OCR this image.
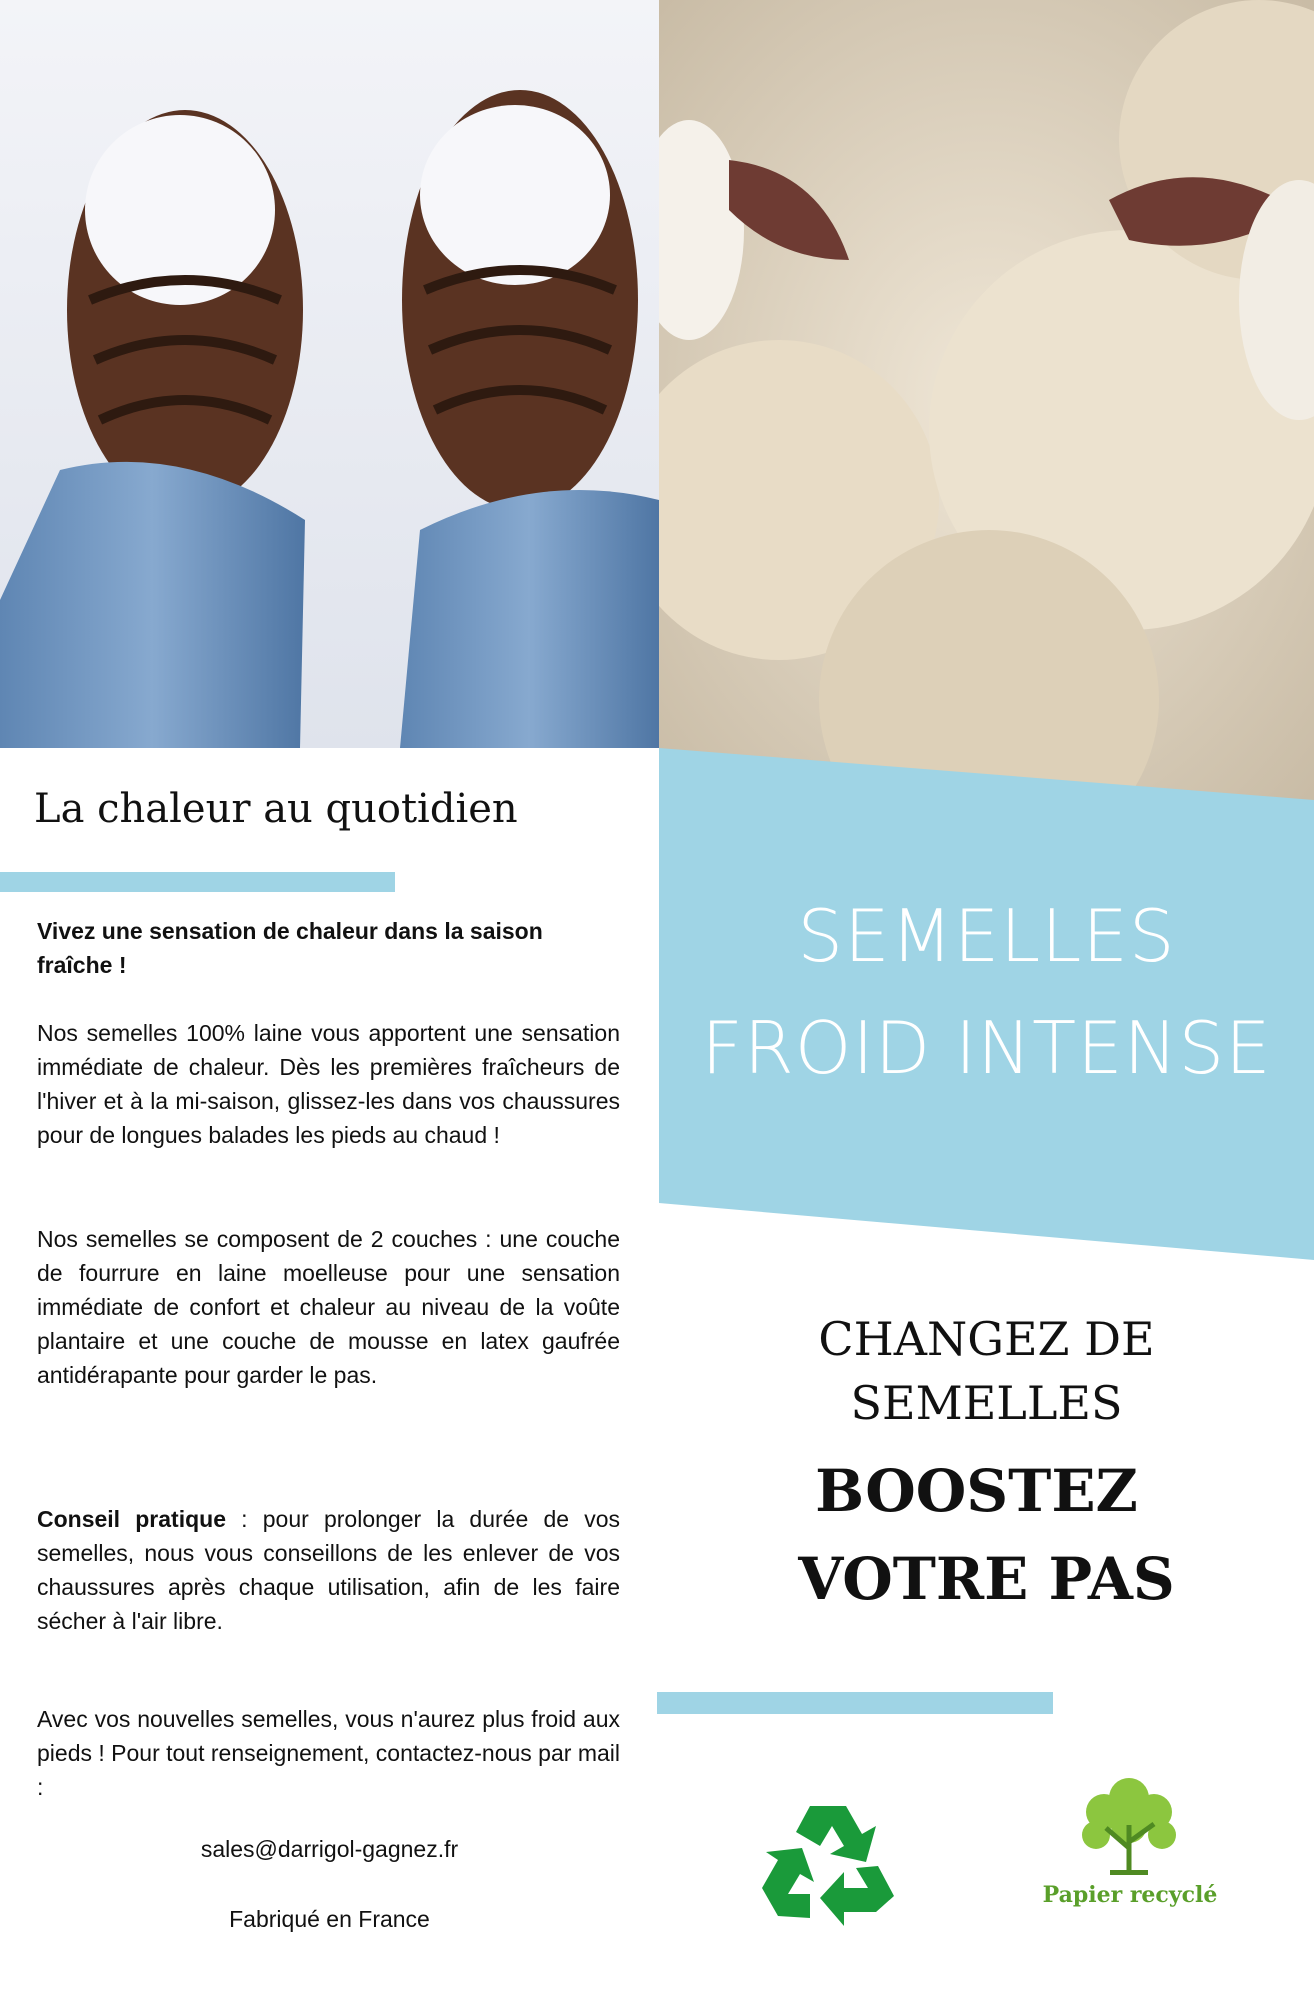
SEMELLES
FROID INTENSE
La chaleur au quotidien
Vivez une sensation de chaleur dans la saison fraîche !
Nos semelles 100% laine vous apportent une sensation immédiate de chaleur. Dès les premières fraîcheurs de l'hiver et à la mi-saison, glissez-les dans vos chaussures pour de longues balades les pieds au chaud !
Nos semelles se composent de 2 couches : une couche de fourrure en laine moelleuse pour une sensation immédiate de confort et chaleur au niveau de la voûte plantaire et une couche de mousse en latex gaufrée antidérapante pour garder le pas.
Conseil pratique : pour prolonger la durée de vos semelles, nous vous conseillons de les enlever de vos chaussures après chaque utilisation, afin de les faire sécher à l'air libre.
Avec vos nouvelles semelles, vous n'aurez plus froid aux pieds ! Pour tout renseignement, contactez-nous par mail :
sales@darrigol-gagnez.fr
Fabriqué en France
CHANGEZ DE
SEMELLES
BOOSTEZ
VOTRE PAS
Papier recyclé
